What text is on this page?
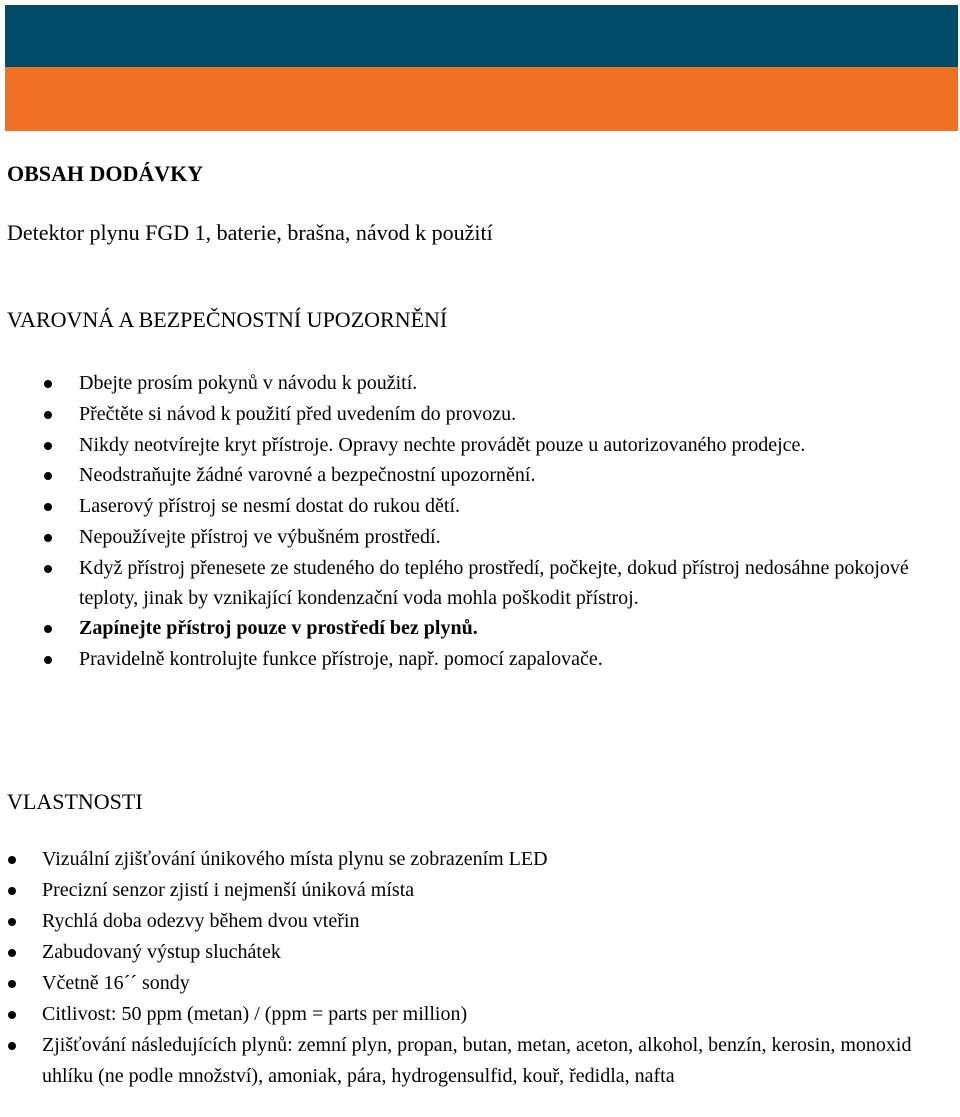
OBSAH DODÁVKY

Detektor plynu FGD 1, baterie, brašna, návod k použití

VAROVNÁ A BEZPEČNOSTNÍ UPOZORNĚNÍ
Dbejte prosím pokynů v návodu k použití.
Přečtěte si návod k použití před uvedením do provozu.
Nikdy neotvírejte kryt přístroje. Opravy nechte provádět pouze u autorizovaného prodejce.
Neodstraňujte žádné varovné a bezpečnostní upozornění.
Laserový přístroj se nesmí dostat do rukou dětí.
Nepoužívejte přístroj ve výbušném prostředí.
Když přístroj přenesete ze studeného do teplého prostředí, počkejte, dokud přístroj nedosáhne pokojové teploty, jinak by vznikající kondenzační voda mohla poškodit přístroj.
Zapínejte přístroj pouze v prostředí bez plynů.
Pravidelně kontrolujte funkce přístroje, např. pomocí zapalovače.
VLASTNOSTI
Vizuální zjišťování únikového místa plynu se zobrazením LED
Precizní senzor zjistí i nejmenší úniková místa
Rychlá doba odezvy během dvou vteřin
Zabudovaný výstup sluchátek
Včetně 16´´ sondy
Citlivost: 50 ppm (metan) / (ppm = parts per million)
Zjišťování následujících plynů: zemní plyn, propan, butan, metan, aceton, alkohol, benzín, kerosin, monoxid uhlíku (ne podle množství), amoniak, pára, hydrogensulfid, kouř, ředidla, nafta
